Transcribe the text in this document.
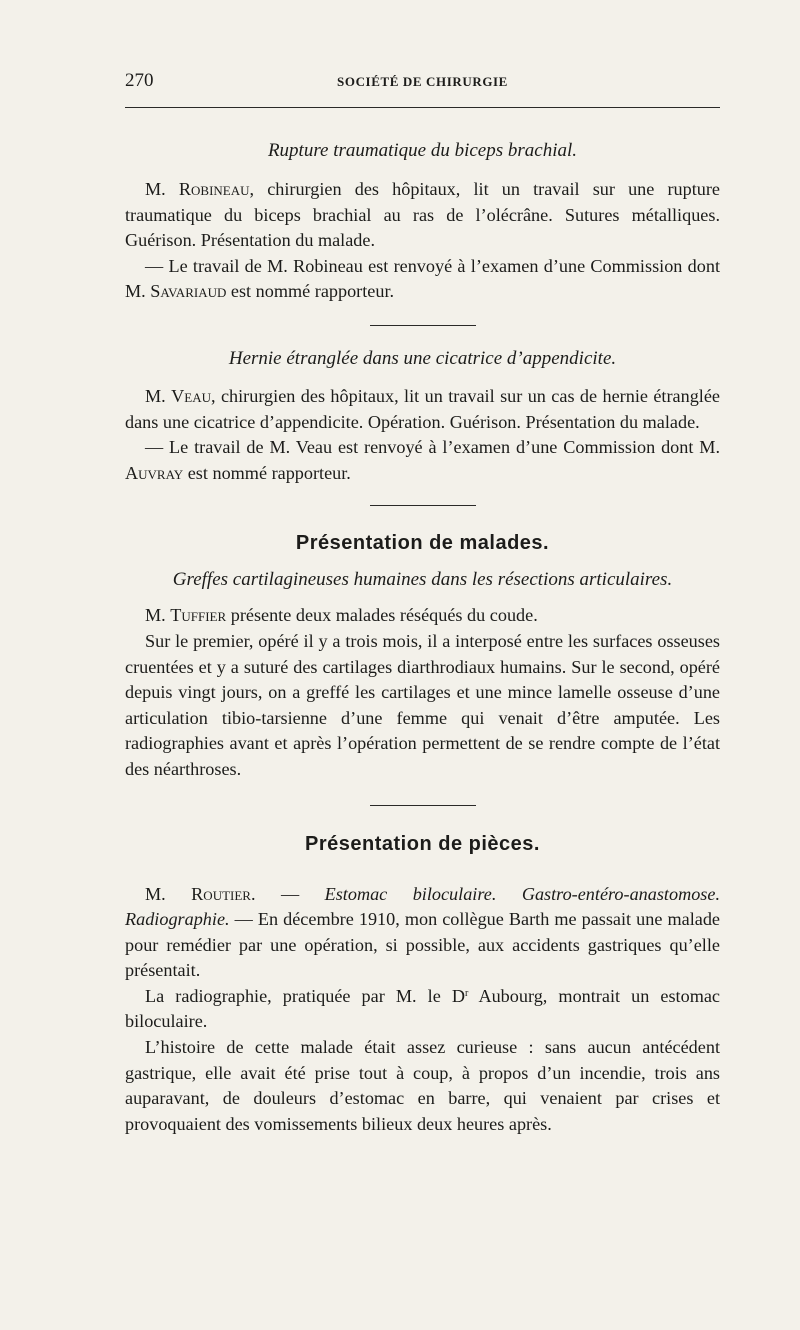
270	SOCIÉTÉ DE CHIRURGIE
Rupture traumatique du biceps brachial.

M. Robineau, chirurgien des hôpitaux, lit un travail sur une rupture traumatique du biceps brachial au ras de l’olécrâne. Sutures métalliques. Guérison. Présentation du malade.

— Le travail de M. Robineau est renvoyé à l’examen d’une Commission dont M. Savariaud est nommé rapporteur.

Hernie étranglée dans une cicatrice d’appendicite.

M. Veau, chirurgien des hôpitaux, lit un travail sur un cas de hernie étranglée dans une cicatrice d’appendicite. Opération. Guérison. Présentation du malade.

— Le travail de M. Veau est renvoyé à l’examen d’une Commission dont M. Auvray est nommé rapporteur.

Présentation de malades.
Greffes cartilagineuses humaines dans les résections articulaires.

M. Tuffier présente deux malades réséqués du coude.

Sur le premier, opéré il y a trois mois, il a interposé entre les surfaces osseuses cruentées et y a suturé des cartilages diarthrodiaux humains. Sur le second, opéré depuis vingt jours, on a greffé les cartilages et une mince lamelle osseuse d’une articulation tibio-tarsienne d’une femme qui venait d’être amputée. Les radiographies avant et après l’opération permettent de se rendre compte de l’état des néarthroses.

Présentation de pièces.

M. Routier. — Estomac biloculaire. Gastro-entéro-anastomose. Radiographie. — En décembre 1910, mon collègue Barth me passait une malade pour remédier par une opération, si possible, aux accidents gastriques qu’elle présentait.

La radiographie, pratiquée par M. le $D^r$ Aubourg, montrait un estomac biloculaire.

L’histoire de cette malade était assez curieuse : sans aucun antécédent gastrique, elle avait été prise tout à coup, à propos d’un incendie, trois ans auparavant, de douleurs d’estomac en barre, qui venaient par crises et provoquaient des vomissements bilieux deux heures après.
